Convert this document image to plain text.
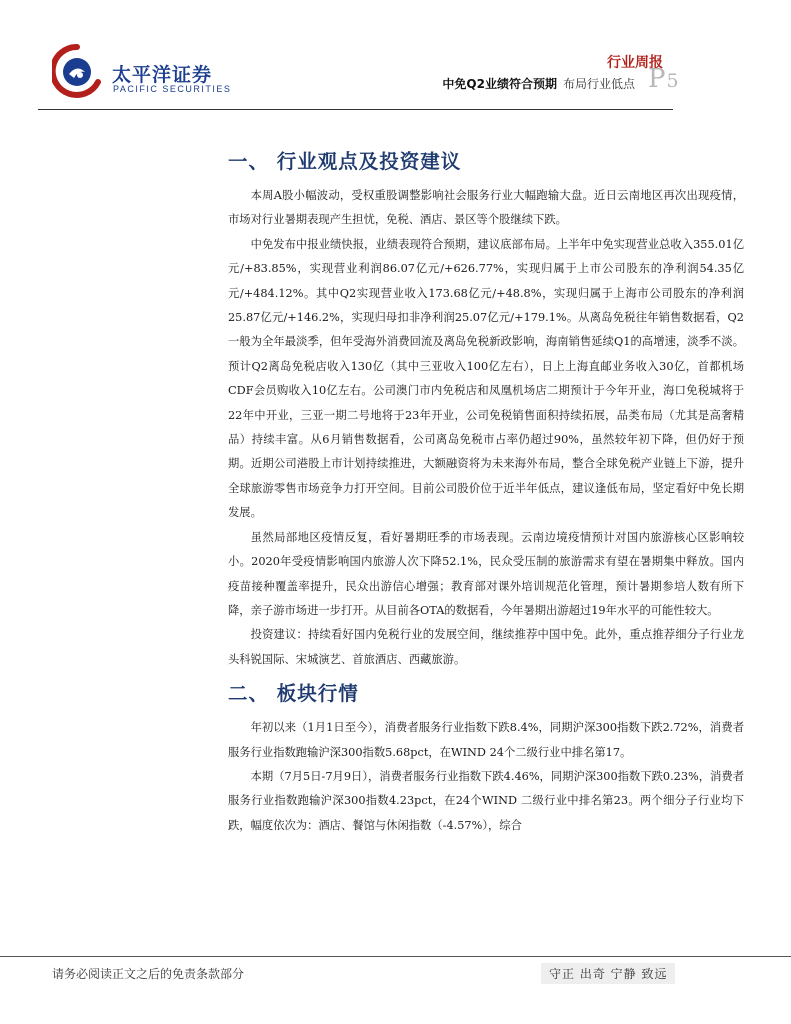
太平洋证券
PACIFIC SECURITIES
行业周报
中免Q2业绩符合预期 布局行业低点 P5
一、 行业观点及投资建议

本周A股小幅波动，受权重股调整影响社会服务行业大幅跑输大盘。近日云南地区再次出现疫情，市场对行业暑期表现产生担忧，免税、酒店、景区等个股继续下跌。

中免发布中报业绩快报，业绩表现符合预期，建议底部布局。上半年中免实现营业总收入355.01亿元/+83.85%，实现营业利润86.07亿元/+626.77%，实现归属于上市公司股东的净利润54.35亿元/+484.12%。其中Q2实现营业收入173.68亿元/+48.8%，实现归属于上海市公司股东的净利润25.87亿元/+146.2%，实现归母扣非净利润25.07亿元/+179.1%。从离岛免税往年销售数据看，Q2一般为全年最淡季，但年受海外消费回流及离岛免税新政影响，海南销售延续Q1的高增速，淡季不淡。预计Q2离岛免税店收入130亿（其中三亚收入100亿左右），日上上海直邮业务收入30亿，首都机场CDF会员购收入10亿左右。公司澳门市内免税店和凤凰机场店二期预计于今年开业，海口免税城将于22年中开业，三亚一期二号地将于23年开业，公司免税销售面积持续拓展，品类布局（尤其是高奢精品）持续丰富。从6月销售数据看，公司离岛免税市占率仍超过90%，虽然较年初下降，但仍好于预期。近期公司港股上市计划持续推进，大额融资将为未来海外布局，整合全球免税产业链上下游，提升全球旅游零售市场竞争力打开空间。目前公司股价位于近半年低点，建议逢低布局，坚定看好中免长期发展。

虽然局部地区疫情反复，看好暑期旺季的市场表现。云南边境疫情预计对国内旅游核心区影响较小。2020年受疫情影响国内旅游人次下降52.1%，民众受压制的旅游需求有望在暑期集中释放。国内疫苗接种覆盖率提升，民众出游信心增强；教育部对课外培训规范化管理，预计暑期参培人数有所下降，亲子游市场进一步打开。从目前各OTA的数据看，今年暑期出游超过19年水平的可能性较大。

投资建议：持续看好国内免税行业的发展空间，继续推荐中国中免。此外，重点推荐细分子行业龙头科锐国际、宋城演艺、首旅酒店、西藏旅游。

二、 板块行情

年初以来（1月1日至今），消费者服务行业指数下跌8.4%，同期沪深300指数下跌2.72%，消费者服务行业指数跑输沪深300指数5.68pct，在WIND 24个二级行业中排名第17。

本期（7月5日-7月9日），消费者服务行业指数下跌4.46%，同期沪深300指数下跌0.23%，消费者服务行业指数跑输沪深300指数4.23pct，在24个WIND 二级行业中排名第23。两个细分子行业均下跌，幅度依次为：酒店、餐馆与休闲指数（-4.57%），综合

请务必阅读正文之后的免责条款部分	守正 出奇 宁静 致远
